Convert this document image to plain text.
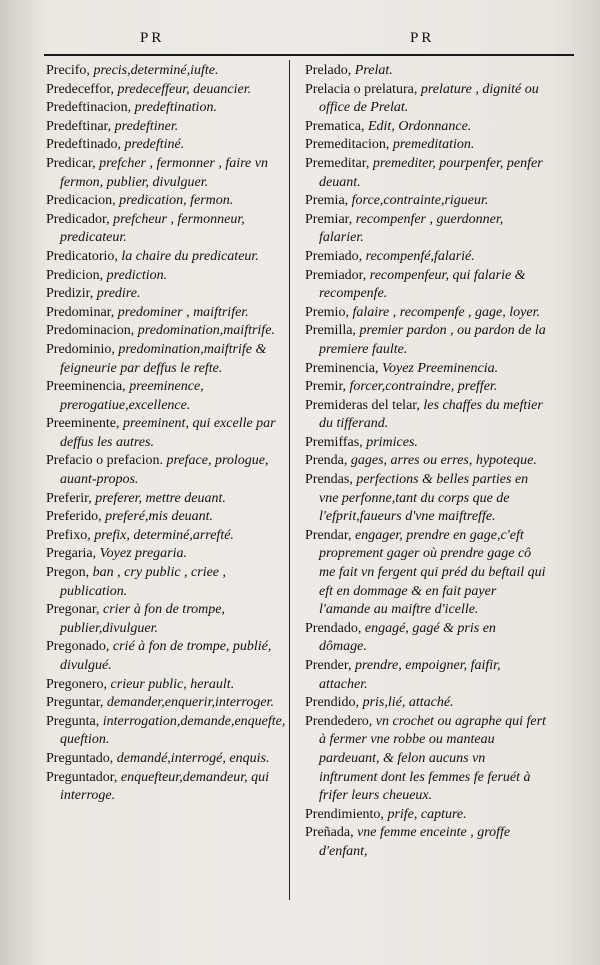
PR	PR

Precifo, precis,determiné,iufte.

Predeceffor, predeceffeur, deuancier.

Predeftinacion, predeftination.

Predeftinar, predeftiner.

Predeftinado, predeftiné.

Predicar, prefcher , fermonner , faire vn fermon, publier, divulguer.

Predicacion, predication, fermon.

Predicador, prefcheur , fermonneur, predicateur.

Predicatorio, la chaire du predicateur.

Predicion, prediction.

Predizir, predire.

Predominar, predominer , maiftrifer.

Predominacion, predomination,maiftrife.

Predominio, predomination,maiftrife & feigneurie par deffus le refte.

Preeminencia, preeminence, prerogatiue,excellence.

Preeminente, preeminent, qui excelle par deffus les autres.

Prefacio o prefacion. preface, prologue, auant-propos.

Preferir, preferer, mettre deuant.

Preferido, preferé,mis deuant.

Prefixo, prefix, determiné,arrefté.

Pregaria, Voyez pregaria.

Pregon, ban , cry public , criee , publication.

Pregonar, crier à fon de trompe, publier,divulguer.

Pregonado, crié à fon de trompe, publié, divulgué.

Pregonero, crieur public, herault.

Preguntar, demander,enquerir,interroger.

Pregunta, interrogation,demande,enquefte, queftion.

Preguntado, demandé,interrogé, enquis.

Preguntador, enquefteur,demandeur, qui interroge.

Prelado, Prelat.

Prelacia o prelatura, prelature , dignité ou office de Prelat.

Prematica, Edit, Ordonnance.

Premeditacion, premeditation.

Premeditar, premediter, pourpenfer, penfer deuant.

Premia, force,contrainte,rigueur.

Premiar, recompenfer , guerdonner, falarier.

Premiado, recompenfé,falarié.

Premiador, recompenfeur, qui falarie & recompenfe.

Premio, falaire , recompenfe , gage, loyer.

Premilla, premier pardon , ou pardon de la premiere faulte.

Preminencia, Voyez Preeminencia.

Premir, forcer,contraindre, preffer.

Premideras del telar, les chaffes du meftier du tifferand.

Premiffas, primices.

Prenda, gages, arres ou erres, hypoteque.

Prendas, perfections & belles parties en vne perfonne,tant du corps que de l'efprit,faueurs d'vne maiftreffe.

Prendar, engager, prendre en gage,c'eft proprement gager où prendre gage cô me fait vn fergent qui préd du beftail qui eft en dommage & en fait payer l'amande au maiftre d'icelle.

Prendado, engagé, gagé & pris en dômage.

Prender, prendre, empoigner, faifir, attacher.

Prendido, pris,lié, attaché.

Prendedero, vn crochet ou agraphe qui fert à fermer vne robbe ou manteau pardeuant, & felon aucuns vn inftrument dont les femmes fe feruét à frifer leurs cheueux.

Prendimiento, prife, capture.

Preñada, vne femme enceinte , groffe d'enfant,
